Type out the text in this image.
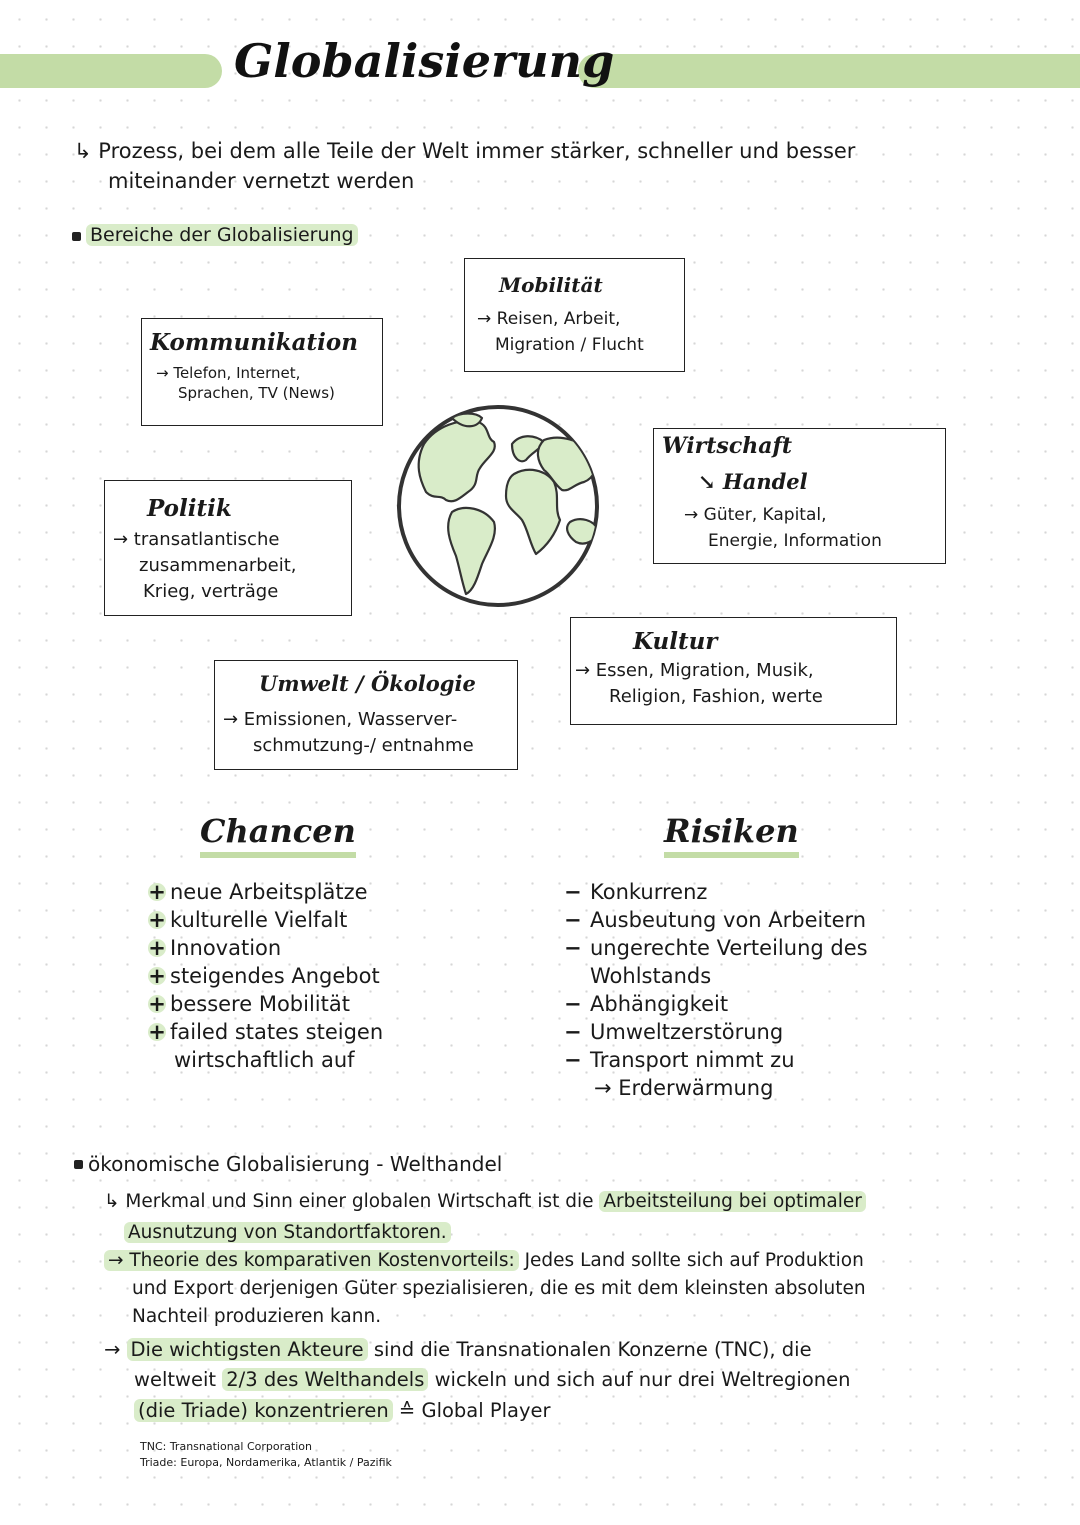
Globalisierung
↳ Prozess, bei dem alle Teile der Welt immer stärker, schneller und besser
miteinander vernetzt werden
Bereiche der Globalisierung
Mobilität
→ Reisen, Arbeit,
Migration / Flucht
Kommunikation
→ Telefon, Internet,
Sprachen, TV (News)
Wirtschaft
↘ Handel
→ Güter, Kapital,
Energie, Information
Politik
→ transatlantische
zusammenarbeit,
Krieg, verträge
Kultur
→ Essen, Migration, Musik,
Religion, Fashion, werte
Umwelt / Ökologie
→ Emissionen, Wasserver-
schmutzung-/ entnahme
Chancen
+ neue Arbeitsplätze
+ kulturelle Vielfalt
+ Innovation
+ steigendes Angebot
+ bessere Mobilität
+ failed states steigen
wirtschaftlich auf
Risiken
− Konkurrenz
− Ausbeutung von Arbeitern
− ungerechte Verteilung des
Wohlstands
− Abhängigkeit
− Umweltzerstörung
− Transport nimmt zu
→ Erderwärmung
ökonomische Globalisierung - Welthandel
↳ Merkmal und Sinn einer globalen Wirtschaft ist die Arbeitsteilung bei optimaler
Ausnutzung von Standortfaktoren.
→ Theorie des komparativen Kostenvorteils: Jedes Land sollte sich auf Produktion
und Export derjenigen Güter spezialisieren, die es mit dem kleinsten absoluten
Nachteil produzieren kann.
→ Die wichtigsten Akteure sind die Transnationalen Konzerne (TNC), die
weltweit 2/3 des Welthandels wickeln und sich auf nur drei Weltregionen
(die Triade) konzentrieren ≙ Global Player
TNC: Transnational Corporation
Triade: Europa, Nordamerika, Atlantik / Pazifik
